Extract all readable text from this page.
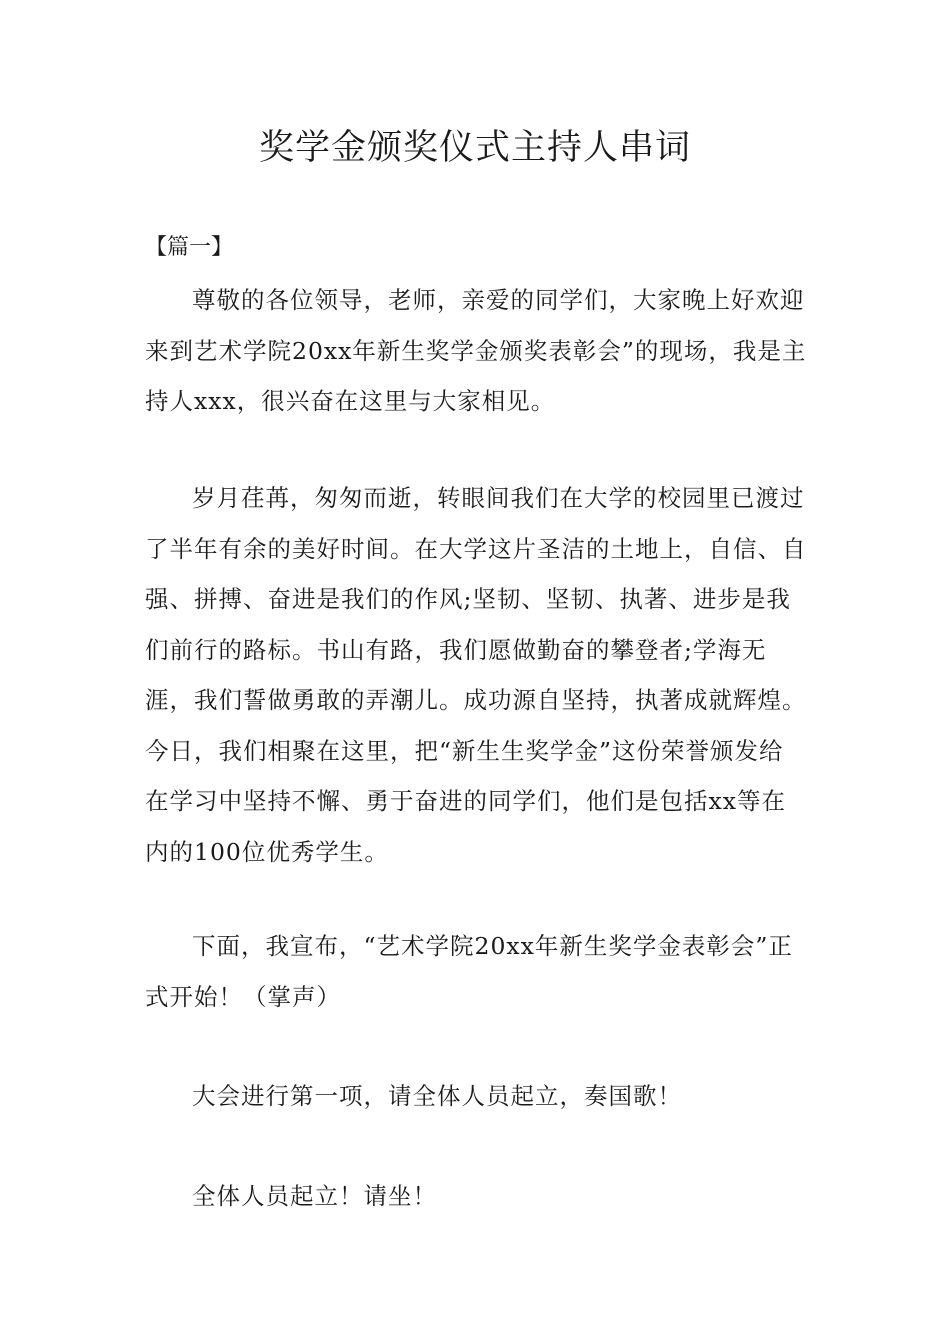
奖学金颁奖仪式主持人串词
【篇一】

尊敬的各位领导，老师，亲爱的同学们，大家晚上好欢迎来到艺术学院20xx年新生奖学金颁奖表彰会”的现场，我是主持人xxx，很兴奋在这里与大家相见。

岁月荏苒，匆匆而逝，转眼间我们在大学的校园里已渡过了半年有余的美好时间。在大学这片圣洁的土地上，自信、自强、拼搏、奋进是我们的作风;坚韧、坚韧、执著、进步是我们前行的路标。书山有路，我们愿做勤奋的攀登者;学海无涯，我们誓做勇敢的弄潮儿。成功源自坚持，执著成就辉煌。今日，我们相聚在这里，把“新生生奖学金”这份荣誉颁发给在学习中坚持不懈、勇于奋进的同学们，他们是包括xx等在内的100位优秀学生。

下面，我宣布，“艺术学院20xx年新生奖学金表彰会”正式开始！（掌声）

大会进行第一项，请全体人员起立，奏国歌！

全体人员起立！请坐！
